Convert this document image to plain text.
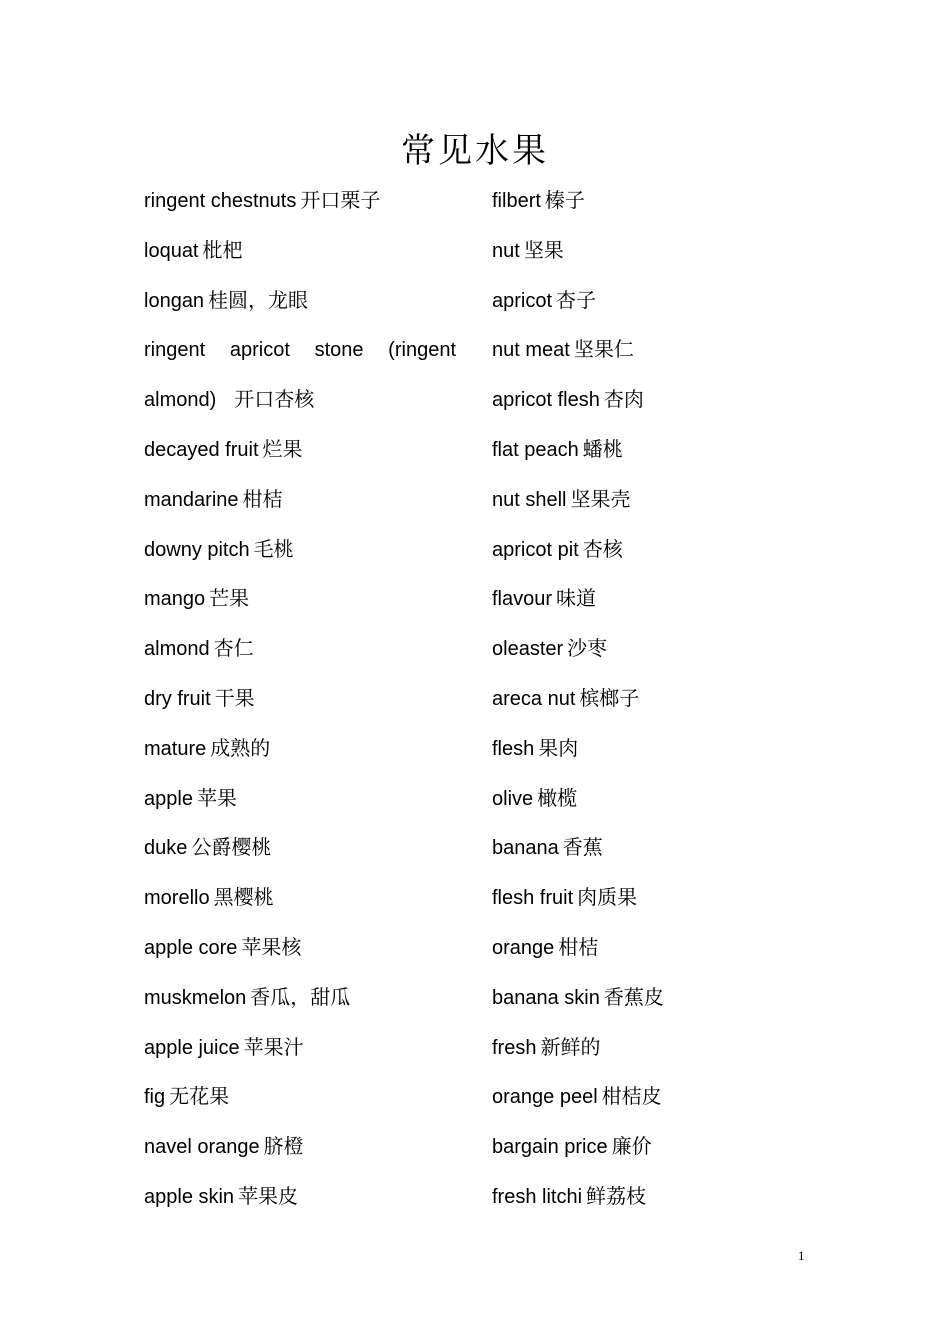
常见水果
ringent chestnuts 开口栗子
loquat 枇杷
longan 桂圆，龙眼
ringent apricot stone (ringent
almond) 开口杏核
decayed fruit 烂果
mandarine 柑桔
downy pitch 毛桃
mango 芒果
almond 杏仁
dry fruit 干果
mature 成熟的
apple 苹果
duke 公爵樱桃
morello 黑樱桃
apple core 苹果核
muskmelon 香瓜，甜瓜
apple juice 苹果汁
fig 无花果
navel orange 脐橙
apple skin 苹果皮
filbert 榛子
nut 坚果
apricot 杏子
nut meat 坚果仁
apricot flesh 杏肉
flat peach 蟠桃
nut shell 坚果壳
apricot pit 杏核
flavour 味道
oleaster 沙枣
areca nut 槟榔子
flesh 果肉
olive 橄榄
banana 香蕉
flesh fruit 肉质果
orange 柑桔
banana skin 香蕉皮
fresh 新鲜的
orange peel 柑桔皮
bargain price 廉价
fresh litchi 鲜荔枝
1
